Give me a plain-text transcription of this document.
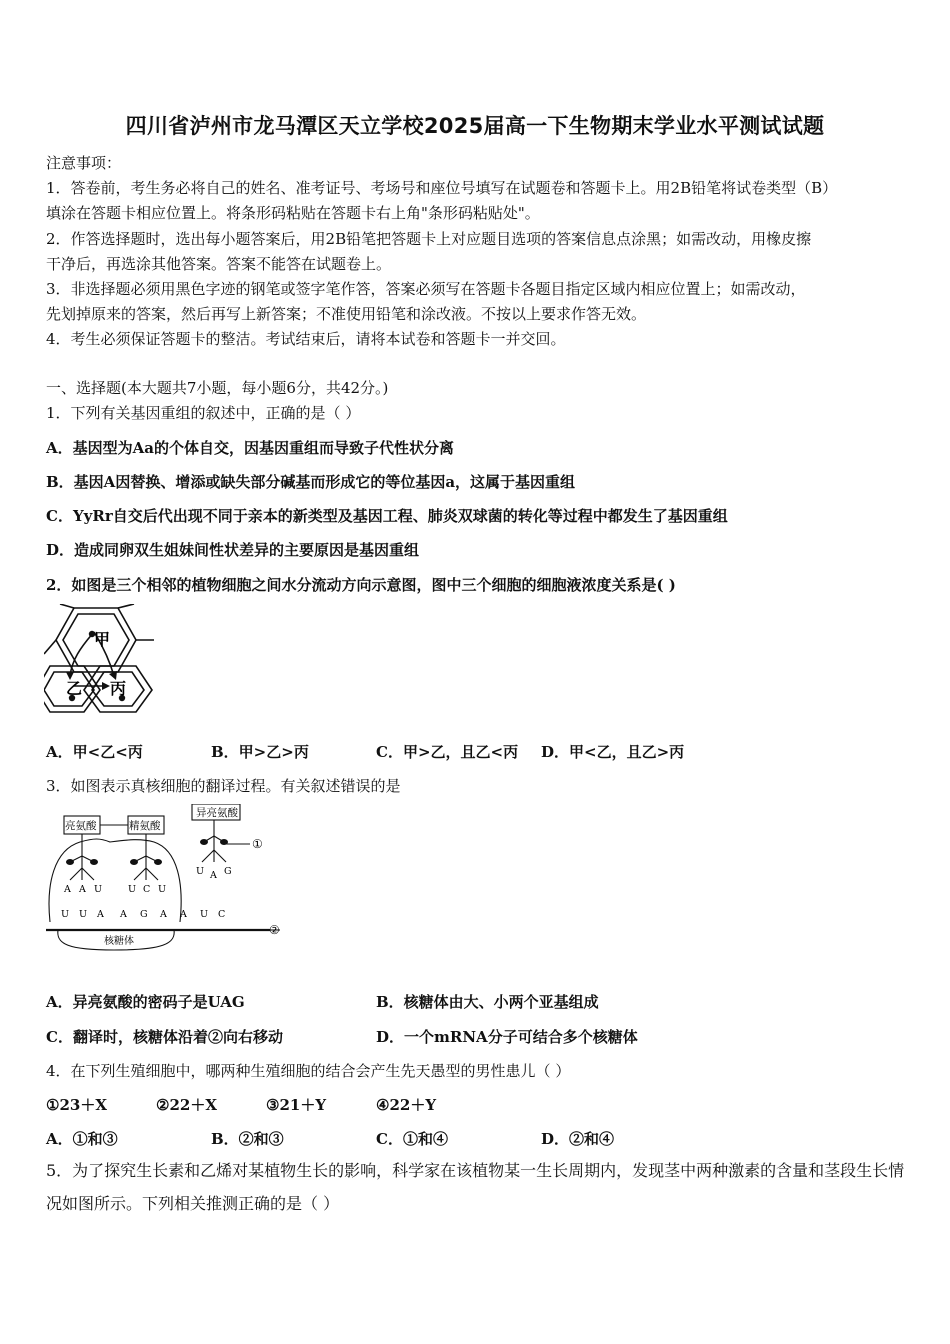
四川省泸州市龙马潭区天立学校2025届高一下生物期末学业水平测试试题
注意事项：
1．答卷前，考生务必将自己的姓名、准考证号、考场号和座位号填写在试题卷和答题卡上。用2B铅笔将试卷类型（B）
填涂在答题卡相应位置上。将条形码粘贴在答题卡右上角"条形码粘贴处"。
2．作答选择题时，选出每小题答案后，用2B铅笔把答题卡上对应题目选项的答案信息点涂黑；如需改动，用橡皮擦
干净后，再选涂其他答案。答案不能答在试题卷上。
3．非选择题必须用黑色字迹的钢笔或签字笔作答，答案必须写在答题卡各题目指定区域内相应位置上；如需改动，
先划掉原来的答案，然后再写上新答案；不准使用铅笔和涂改液。不按以上要求作答无效。
4．考生必须保证答题卡的整洁。考试结束后，请将本试卷和答题卡一并交回。
一、选择题(本大题共7小题，每小题6分，共42分。)
1．下列有关基因重组的叙述中，正确的是（ ）
A．基因型为Aa的个体自交，因基因重组而导致子代性状分离
B．基因A因替换、增添或缺失部分碱基而形成它的等位基因a，这属于基因重组
C．YyRr自交后代出现不同于亲本的新类型及基因工程、肺炎双球菌的转化等过程中都发生了基因重组
D．造成同卵双生姐妹间性状差异的主要原因是基因重组
2．如图是三个相邻的植物细胞之间水分流动方向示意图，图中三个细胞的细胞液浓度关系是( )
甲
乙 丙
A．甲<乙<丙	B．甲>乙>丙	C．甲>乙，且乙<丙 D．甲<乙，且乙>丙
3．如图表示真核细胞的翻译过程。有关叙述错误的是
亮氨酸	精氨酸
异亮氨酸
①
②
核糖体
A A U	U C U
U A G
U U A A G A A U C
A．异亮氨酸的密码子是UAG	B．核糖体由大、小两个亚基组成
C．翻译时，核糖体沿着②向右移动	D．一个mRNA分子可结合多个核糖体
4．在下列生殖细胞中，哪两种生殖细胞的结合会产生先天愚型的男性患儿（ ）
①23＋X	②22＋X	③21＋Y	④22＋Y
A．①和③	B．②和③	C．①和④	D．②和④
5．为了探究生长素和乙烯对某植物生长的影响，科学家在该植物某一生长周期内，发现茎中两种激素的含量和茎段生长情况如图所示。下列相关推测正确的是（ ）
